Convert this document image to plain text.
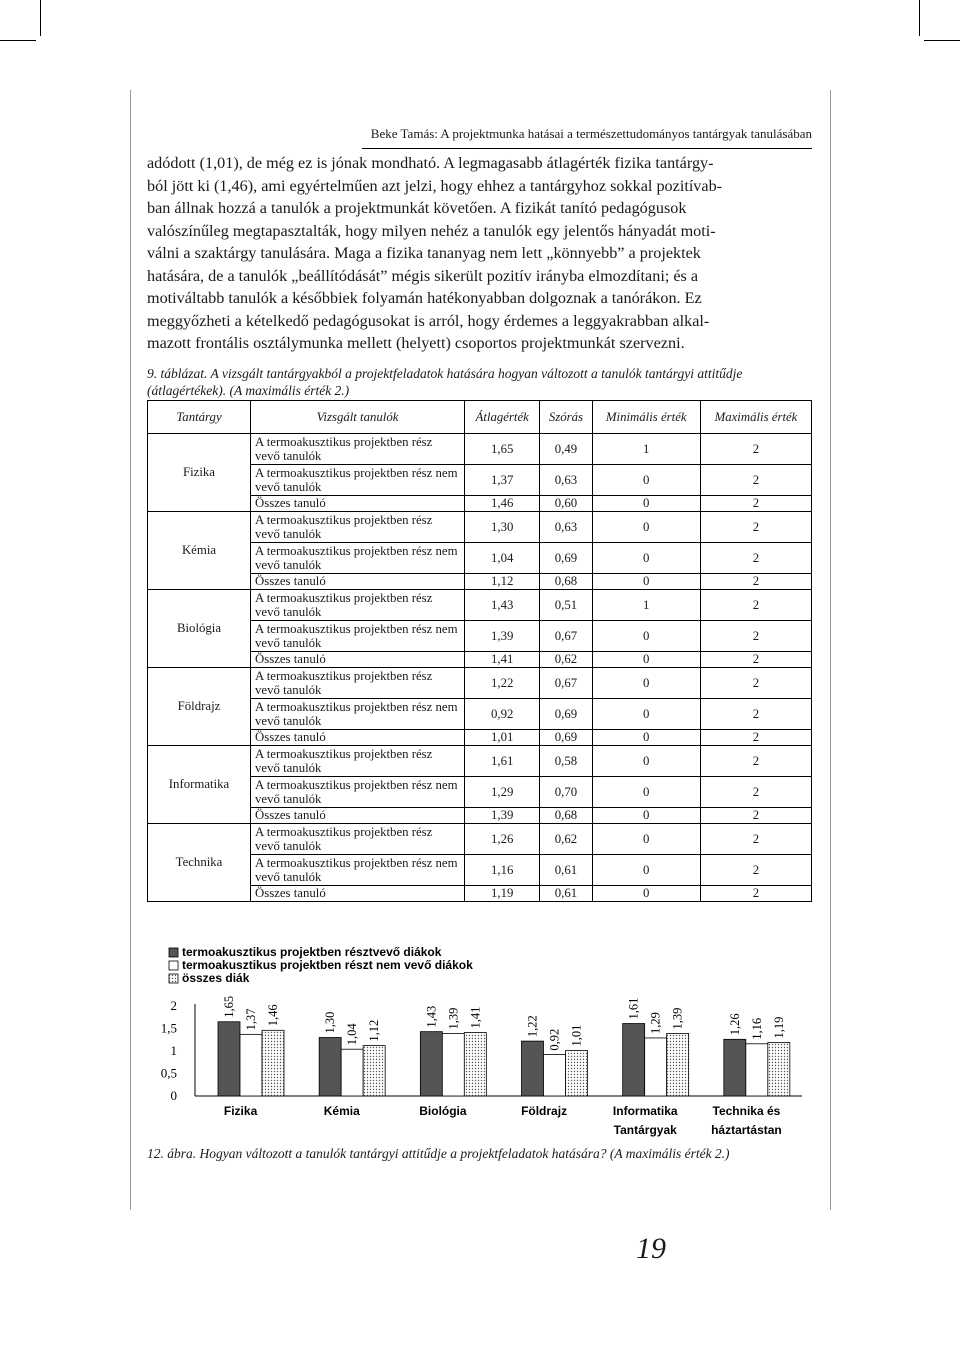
Beke Tamás: A projektmunka hatásai a természettudományos tantárgyak tanulásában
adódott (1,01), de még ez is jónak mondható. A legmagasabb átlagérték fizika tantárgy-
ból jött ki (1,46), ami egyértelműen azt jelzi, hogy ehhez a tantárgyhoz sokkal pozitívab-
ban állnak hozzá a tanulók a projektmunkát követően. A fizikát tanító pedagógusok
valószínűleg megtapasztalták, hogy milyen nehéz a tanulók egy jelentős hányadát moti-
válni a szaktárgy tanulására. Maga a fizika tananyag nem lett „könnyebb” a projektek
hatására, de a tanulók „beállítódását” mégis sikerült pozitív irányba elmozdítani; és a
motiváltabb tanulók a későbbiek folyamán hatékonyabban dolgoznak a tanórákon. Ez
meggyőzheti a kételkedő pedagógusokat is arról, hogy érdemes a leggyakrabban alkal-
mazott frontális osztálymunka mellett (helyett) csoportos projektmunkát szervezni.
9. táblázat. A vizsgált tantárgyakból a projektfeladatok hatására hogyan változott a tanulók tantárgyi attitűdje (átlagértékek). (A maximális érték 2.)
Tantárgy	Vizsgált tanulók	Átlagérték	Szórás	Minimális érték	Maximális érték
Fizika	A termoakusztikus projektben rész vevő tanulók	1,65	0,49	1	2
	A termoakusztikus projektben rész nem vevő tanulók	1,37	0,63	0	2
	Összes tanuló	1,46	0,60	0	2
Kémia	A termoakusztikus projektben rész vevő tanulók	1,30	0,63	0	2
	A termoakusztikus projektben rész nem vevő tanulók	1,04	0,69	0	2
	Összes tanuló	1,12	0,68	0	2
Biológia	A termoakusztikus projektben rész vevő tanulók	1,43	0,51	1	2
	A termoakusztikus projektben rész nem vevő tanulók	1,39	0,67	0	2
	Összes tanuló	1,41	0,62	0	2
Földrajz	A termoakusztikus projektben rész vevő tanulók	1,22	0,67	0	2
	A termoakusztikus projektben rész nem vevő tanulók	0,92	0,69	0	2
	Összes tanuló	1,01	0,69	0	2
Informatika	A termoakusztikus projektben rész vevő tanulók	1,61	0,58	0	2
	A termoakusztikus projektben rész nem vevő tanulók	1,29	0,70	0	2
	Összes tanuló	1,39	0,68	0	2
Technika	A termoakusztikus projektben rész vevő tanulók	1,26	0,62	0	2
	A termoakusztikus projektben rész nem vevő tanulók	1,16	0,61	0	2
	Összes tanuló	1,19	0,61	0	2
termoakusztikus projektben résztvevő diákok
termoakusztikus projektben részt nem vevő diákok
összes diák
2
1,5
1
0,5
0
1,65
1,37 1,46
Fizika
1,30
1,04 1,12
Kémia
1,43 1,39 1,41
Biológia
1,22
0,92 1,01
Földrajz
1,61
1,29 1,39
Informatika
1,26 1,16 1,19
Technika és
háztartástan
Tantárgyak
12. ábra. Hogyan változott a tanulók tantárgyi attitűdje a projektfeladatok hatására? (A maximális érték 2.)
19
